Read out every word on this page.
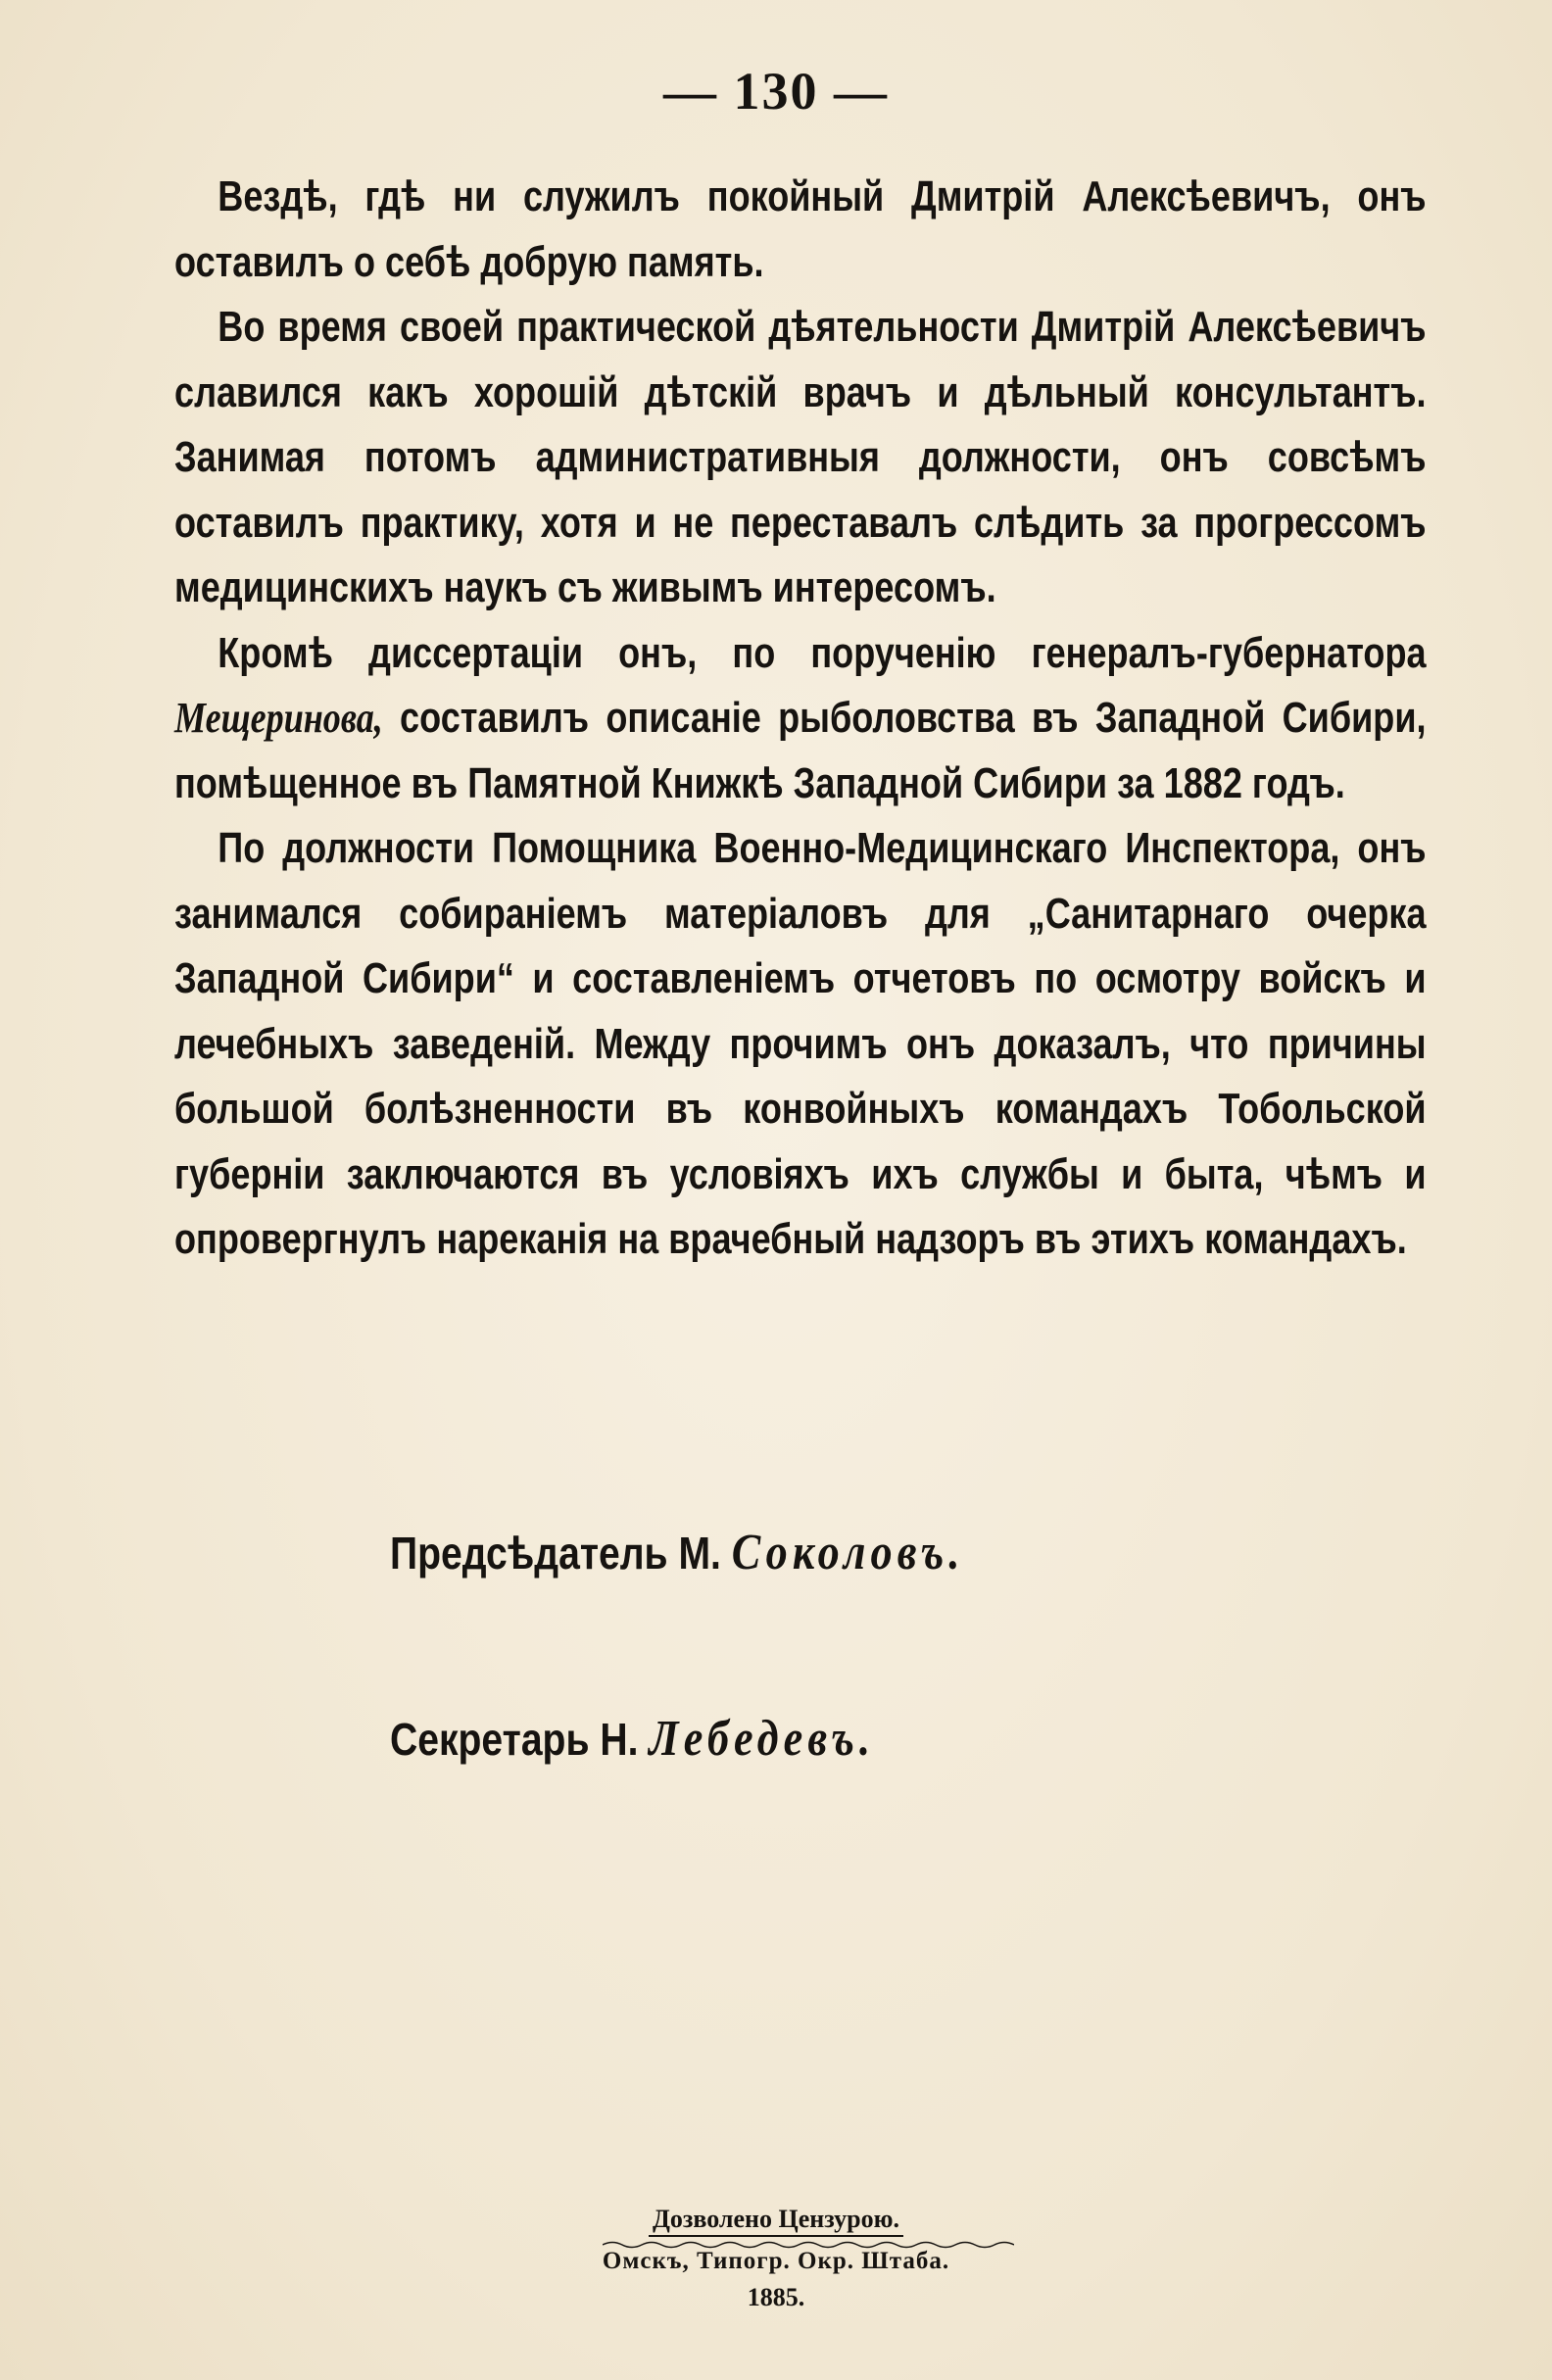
— 130 —

Вездѣ, гдѣ ни служилъ покойный Дмитрій Алексѣевичъ, онъ оставилъ о себѣ добрую память.

Во время своей практической дѣятельности Дмитрій Алексѣевичъ славился какъ хорошій дѣтскій врачъ и дѣльный консультантъ. Занимая потомъ административныя должности, онъ совсѣмъ оставилъ практику, хотя и не переставалъ слѣдить за прогрессомъ медицинскихъ наукъ съ живымъ интересомъ.

Кромѣ диссертаціи онъ, по порученію генералъ-губернатора Мещеринова, составилъ описаніе рыболовства въ Западной Сибири, помѣщенное въ Памятной Книжкѣ Западной Сибири за 1882 годъ.

По должности Помощника Военно-Медицинскаго Инспектора, онъ занимался собираніемъ матеріаловъ для „Санитарнаго очерка Западной Сибири“ и составленіемъ отчетовъ по осмотру войскъ и лечебныхъ заведеній. Между прочимъ онъ доказалъ, что причины большой болѣзненности въ конвойныхъ командахъ Тобольской губерніи заключаются въ условіяхъ ихъ службы и быта, чѣмъ и опровергнулъ нареканія на врачебный надзоръ въ этихъ командахъ.

Предсѣдатель М. Соколовъ.
Секретарь Н. Лебедевъ.
Дозволено Цензурою.
Омскъ, Типогр. Окр. Штаба.
1885.
